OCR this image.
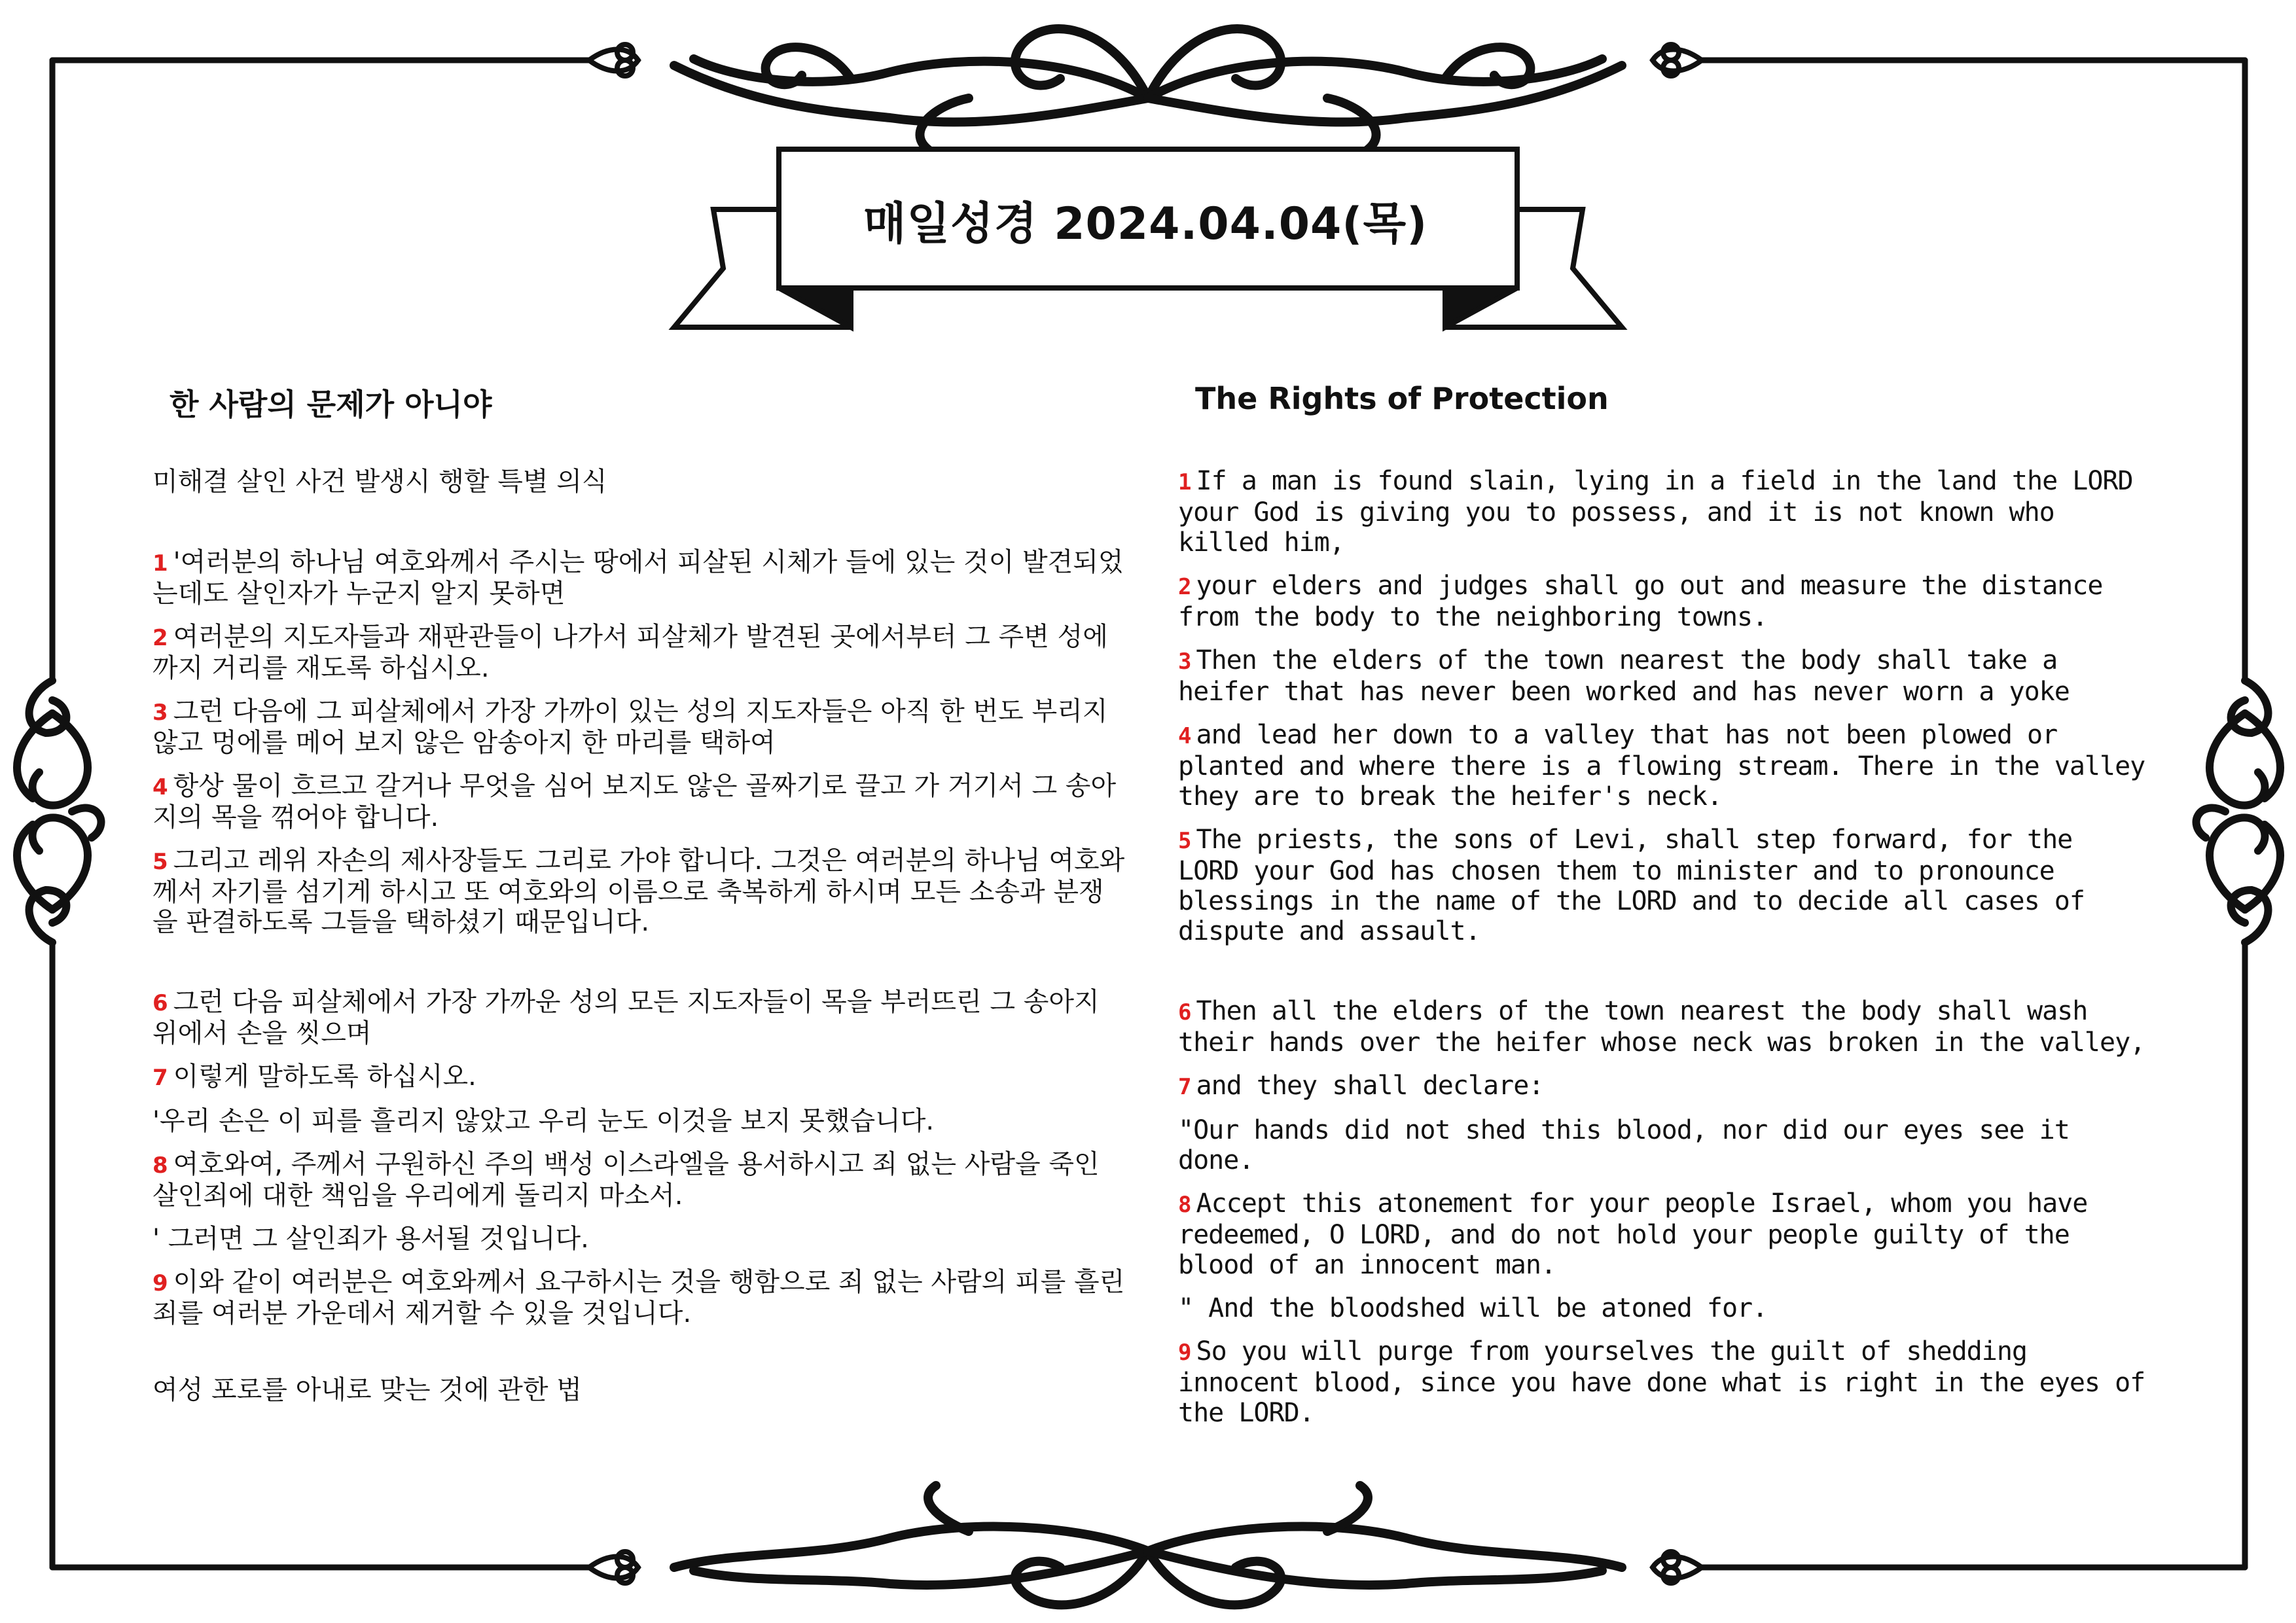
매일성경 2024.04.04(목)
한 사람의 문제가 아니야
미해결 살인 사건 발생시 행할 특별 의식
1 '여러분의 하나님 여호와께서 주시는 땅에서 피살된 시체가 들에 있는 것이 발견되었는데도 살인자가 누군지 알지 못하면
2 여러분의 지도자들과 재판관들이 나가서 피살체가 발견된 곳에서부터 그 주변 성에까지 거리를 재도록 하십시오.
3 그런 다음에 그 피살체에서 가장 가까이 있는 성의 지도자들은 아직 한 번도 부리지 않고 멍에를 메어 보지 않은 암송아지 한 마리를 택하여
4 항상 물이 흐르고 갈거나 무엇을 심어 보지도 않은 골짜기로 끌고 가 거기서 그 송아지의 목을 꺾어야 합니다.
5 그리고 레위 자손의 제사장들도 그리로 가야 합니다. 그것은 여러분의 하나님 여호와께서 자기를 섬기게 하시고 또 여호와의 이름으로 축복하게 하시며 모든 소송과 분쟁을 판결하도록 그들을 택하셨기 때문입니다.
6 그런 다음 피살체에서 가장 가까운 성의 모든 지도자들이 목을 부러뜨린 그 송아지 위에서 손을 씻으며
7 이렇게 말하도록 하십시오.
'우리 손은 이 피를 흘리지 않았고 우리 눈도 이것을 보지 못했습니다.
8 여호와여, 주께서 구원하신 주의 백성 이스라엘을 용서하시고 죄 없는 사람을 죽인 살인죄에 대한 책임을 우리에게 돌리지 마소서.
' 그러면 그 살인죄가 용서될 것입니다.
9 이와 같이 여러분은 여호와께서 요구하시는 것을 행함으로 죄 없는 사람의 피를 흘린 죄를 여러분 가운데서 제거할 수 있을 것입니다.
여성 포로를 아내로 맞는 것에 관한 법
The Rights of Protection
1 If a man is found slain, lying in a field in the land the LORD your God is giving you to possess, and it is not known who killed him,
2 your elders and judges shall go out and measure the distance from the body to the neighboring towns.
3 Then the elders of the town nearest the body shall take a heifer that has never been worked and has never worn a yoke
4 and lead her down to a valley that has not been plowed or planted and where there is a flowing stream. There in the valley they are to break the heifer's neck.
5 The priests, the sons of Levi, shall step forward, for the LORD your God has chosen them to minister and to pronounce blessings in the name of the LORD and to decide all cases of dispute and assault.
6 Then all the elders of the town nearest the body shall wash their hands over the heifer whose neck was broken in the valley,
7 and they shall declare:
"Our hands did not shed this blood, nor did our eyes see it done.
8 Accept this atonement for your people Israel, whom you have redeemed, O LORD, and do not hold your people guilty of the blood of an innocent man.
" And the bloodshed will be atoned for.
9 So you will purge from yourselves the guilt of shedding innocent blood, since you have done what is right in the eyes of the LORD.
